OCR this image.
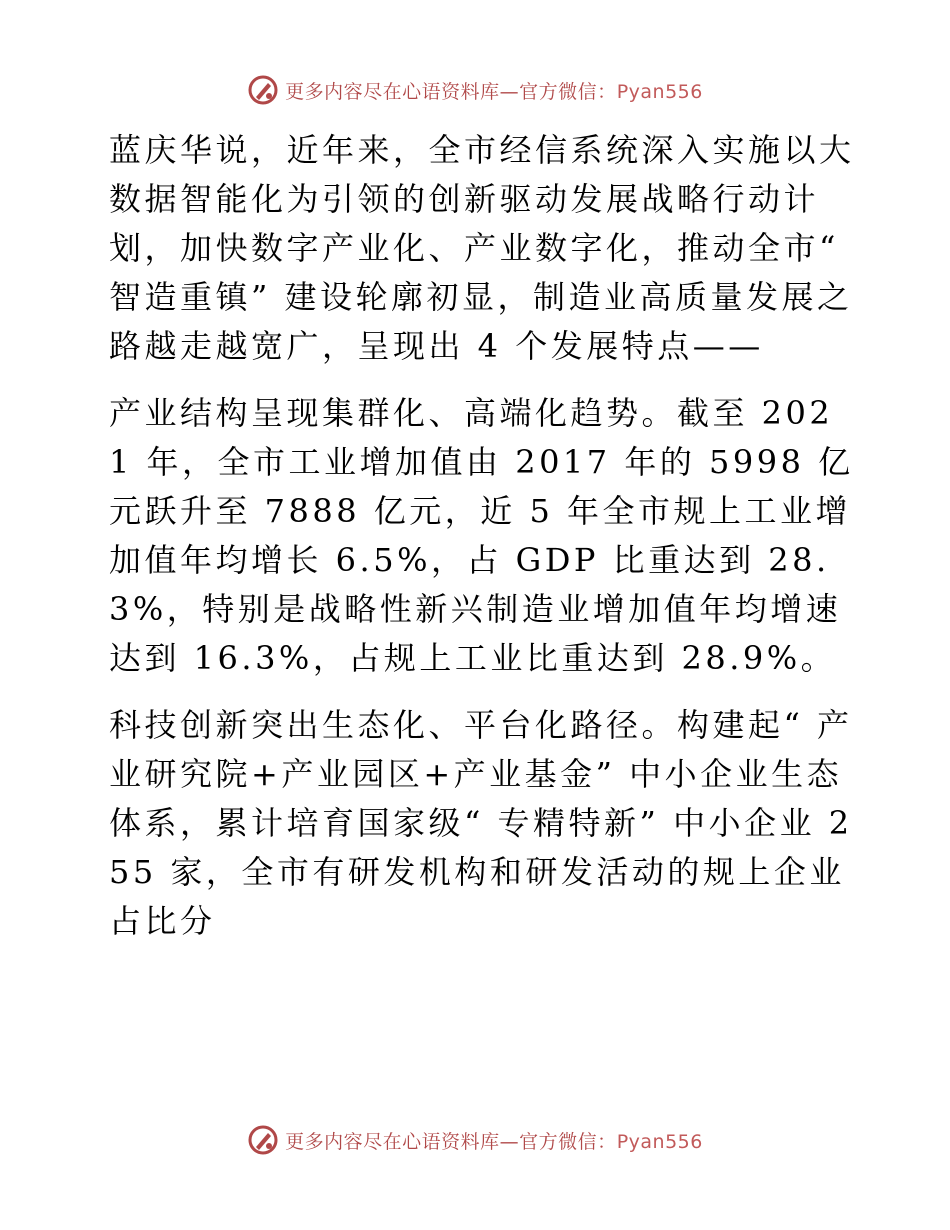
更多内容尽在心语资料库—官方微信：Pyan556

蓝庆华说，近年来，全市经信系统深入实施以大数据智能化为引领的创新驱动发展战略行动计划，加快数字产业化、产业数字化，推动全市“ 智造重镇” 建设轮廓初显，制造业高质量发展之路越走越宽广，呈现出 4 个发展特点——

产业结构呈现集群化、高端化趋势。截至 2021 年，全市工业增加值由 2017 年的 5998 亿元跃升至 7888 亿元，近 5 年全市规上工业增加值年均增长 6.5%，占 GDP 比重达到 28.3%，特别是战略性新兴制造业增加值年均增速达到 16.3%，占规上工业比重达到 28.9%。

科技创新突出生态化、平台化路径。构建起“ 产业研究院+产业园区+产业基金” 中小企业生态体系，累计培育国家级“ 专精特新” 中小企业 255 家，全市有研发机构和研发活动的规上企业占比分

更多内容尽在心语资料库—官方微信：Pyan556
